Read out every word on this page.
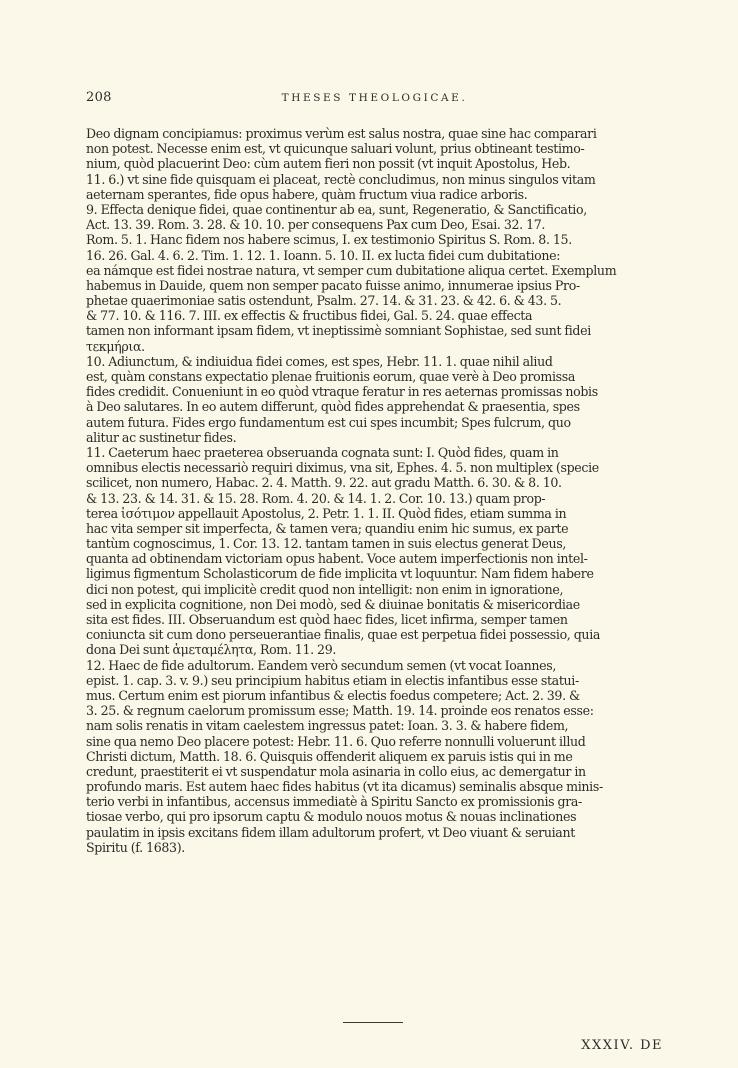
208	THESES THEOLOGICAE.
Deo dignam concipiamus: proximus verùm est salus nostra, quae sine hac comparari
non potest. Necesse enim est, vt quicunque saluari volunt, prius obtineant testimo-
nium, quòd placuerint Deo: cùm autem fieri non possit (vt inquit Apostolus, Heb.
11. 6.) vt sine fide quisquam ei placeat, rectè concludimus, non minus singulos vitam
aeternam sperantes, fide opus habere, quàm fructum viua radice arboris.
9. Effecta denique fidei, quae continentur ab ea, sunt, Regeneratio, & Sanctificatio,
Act. 13. 39. Rom. 3. 28. & 10. 10. per consequens Pax cum Deo, Esai. 32. 17.
Rom. 5. 1. Hanc fidem nos habere scimus, I. ex testimonio Spiritus S. Rom. 8. 15.
16. 26. Gal. 4. 6. 2. Tim. 1. 12. 1. Ioann. 5. 10. II. ex lucta fidei cum dubitatione:
ea námque est fidei nostrae natura, vt semper cum dubitatione aliqua certet. Exemplum
habemus in Dauide, quem non semper pacato fuisse animo, innumerae ipsius Pro-
phetae quaerimoniae satis ostendunt, Psalm. 27. 14. & 31. 23. & 42. 6. & 43. 5.
& 77. 10. & 116. 7. III. ex effectis & fructibus fidei, Gal. 5. 24. quae effecta
tamen non informant ipsam fidem, vt ineptissimè somniant Sophistae, sed sunt fidei
τεκμήρια.
10. Adiunctum, & indiuidua fidei comes, est spes, Hebr. 11. 1. quae nihil aliud
est, quàm constans expectatio plenae fruitionis eorum, quae verè à Deo promissa
fides credidit. Conueniunt in eo quòd vtraque feratur in res aeternas promissas nobis
à Deo salutares. In eo autem differunt, quòd fides apprehendat & praesentia, spes
autem futura. Fides ergo fundamentum est cui spes incumbit; Spes fulcrum, quo
alitur ac sustinetur fides.
11. Caeterum haec praeterea obseruanda cognata sunt: I. Quòd fides, quam in
omnibus electis necessariò requiri diximus, vna sit, Ephes. 4. 5. non multiplex (specie
scilicet, non numero, Habac. 2. 4. Matth. 9. 22. aut gradu Matth. 6. 30. & 8. 10.
& 13. 23. & 14. 31. & 15. 28. Rom. 4. 20. & 14. 1. 2. Cor. 10. 13.) quam prop-
terea ἰσότιμον appellauit Apostolus, 2. Petr. 1. 1. II. Quòd fides, etiam summa in
hac vita semper sit imperfecta, & tamen vera; quandiu enim hic sumus, ex parte
tantùm cognoscimus, 1. Cor. 13. 12. tantam tamen in suis electus generat Deus,
quanta ad obtinendam victoriam opus habent. Voce autem imperfectionis non intel-
ligimus figmentum Scholasticorum de fide implicita vt loquuntur. Nam fidem habere
dici non potest, qui implicitè credit quod non intelligit: non enim in ignoratione,
sed in explicita cognitione, non Dei modò, sed & diuinae bonitatis & misericordiae
sita est fides. III. Obseruandum est quòd haec fides, licet infirma, semper tamen
coniuncta sit cum dono perseuerantiae finalis, quae est perpetua fidei possessio, quia
dona Dei sunt ἀμεταμέλητα, Rom. 11. 29.
12. Haec de fide adultorum. Eandem verò secundum semen (vt vocat Ioannes,
epist. 1. cap. 3. v. 9.) seu principium habitus etiam in electis infantibus esse statui-
mus. Certum enim est piorum infantibus & electis foedus competere; Act. 2. 39. &
3. 25. & regnum caelorum promissum esse; Matth. 19. 14. proinde eos renatos esse:
nam solis renatis in vitam caelestem ingressus patet: Ioan. 3. 3. & habere fidem,
sine qua nemo Deo placere potest: Hebr. 11. 6. Quo referre nonnulli voluerunt illud
Christi dictum, Matth. 18. 6. Quisquis offenderit aliquem ex paruis istis qui in me
credunt, praestiterit ei vt suspendatur mola asinaria in collo eius, ac demergatur in
profundo maris. Est autem haec fides habitus (vt ita dicamus) seminalis absque minis-
terio verbi in infantibus, accensus immediatè à Spiritu Sancto ex promissionis gra-
tiosae verbo, qui pro ipsorum captu & modulo nouos motus & nouas inclinationes
paulatim in ipsis excitans fidem illam adultorum profert, vt Deo viuant & seruiant
Spiritu (f. 1683).
XXXIV. DE
